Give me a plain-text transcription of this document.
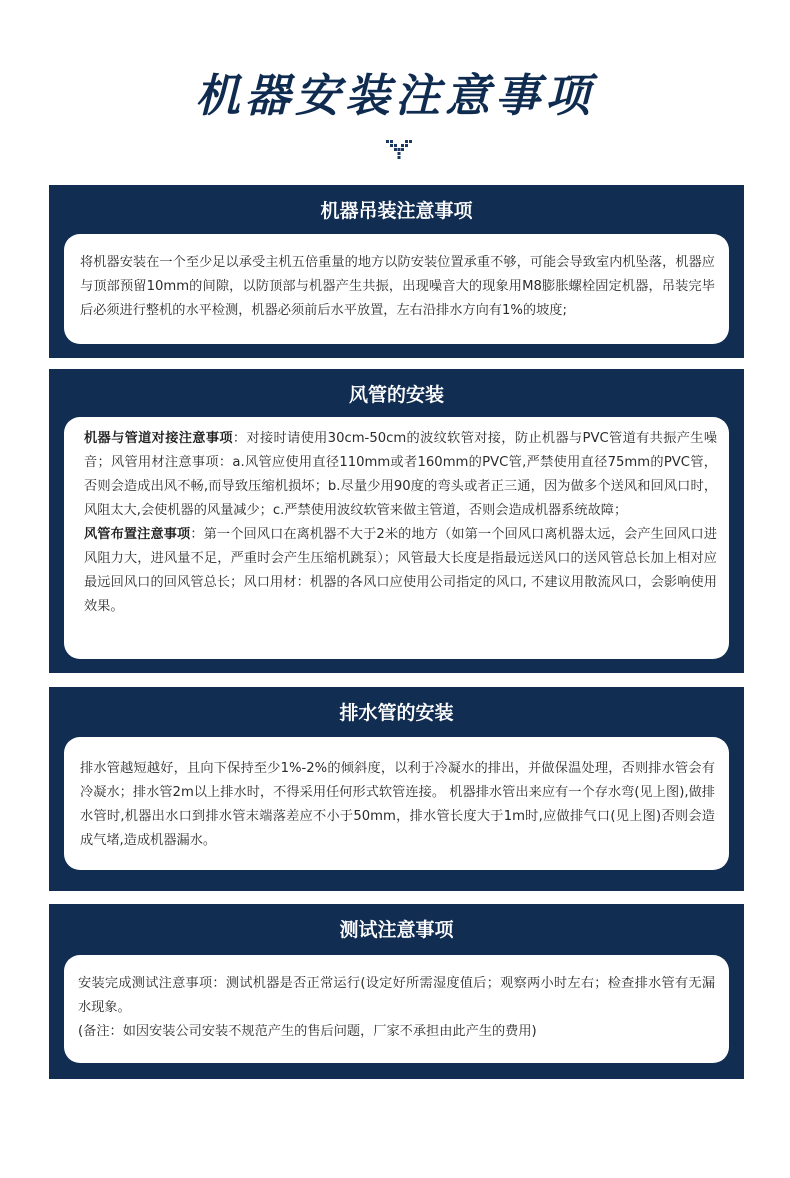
机器安装注意事项
机器吊装注意事项

将机器安装在一个至少足以承受主机五倍重量的地方以防安装位置承重不够，可能会导致室内机坠落，机器应与顶部预留10mm的间隙，以防顶部与机器产生共振，出现噪音大的现象用M8膨胀螺栓固定机器，吊装完毕后必须进行整机的水平检测，机器必须前后水平放置，左右沿排水方向有1%的坡度;

风管的安装

机器与管道对接注意事项：对接时请使用30cm-50cm的波纹软管对接，防止机器与PVC管道有共振产生噪音；风管用材注意事项：a.风管应使用直径110mm或者160mm的PVC管,严禁使用直径75mm的PVC管，否则会造成出风不畅,而导致压缩机损坏；b.尽量少用90度的弯头或者正三通，因为做多个送风和回风口时，风阻太大,会使机器的风量减少；c.严禁使用波纹软管来做主管道，否则会造成机器系统故障；

风管布置注意事项：第一个回风口在离机器不大于2米的地方（如第一个回风口离机器太远，会产生回风口进风阻力大，进风量不足，严重时会产生压缩机跳泵）；风管最大长度是指最远送风口的送风管总长加上相对应最远回风口的回风管总长；风口用材：机器的各风口应使用公司指定的风口, 不建议用散流风口，会影响使用效果。

排水管的安装

排水管越短越好，且向下保持至少1%-2%的倾斜度，以利于冷凝水的排出，并做保温处理，否则排水管会有冷凝水；排水管2m以上排水时，不得采用任何形式软管连接。 机器排水管出来应有一个存水弯(见上图),做排水管时,机器出水口到排水管末端落差应不小于50mm，排水管长度大于1m时,应做排气口(见上图)否则会造成气堵,造成机器漏水。

测试注意事项

安装完成测试注意事项：测试机器是否正常运行(设定好所需湿度值后；观察两小时左右；检查排水管有无漏水现象。

(备注：如因安装公司安装不规范产生的售后问题，厂家不承担由此产生的费用)
